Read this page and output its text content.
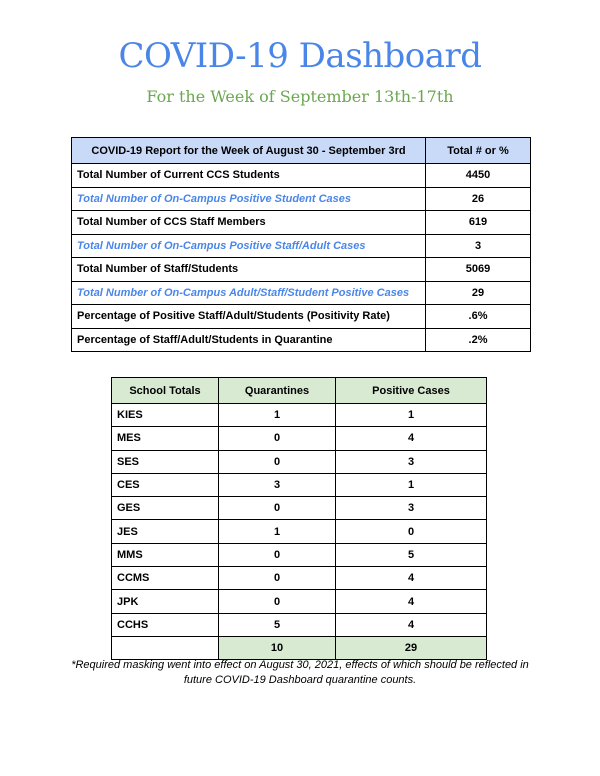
COVID-19 Dashboard
For the Week of September 13th-17th
COVID-19 Report for the Week of August 30 - September 3rd	Total # or %
Total Number of Current CCS Students	4450
Total Number of On-Campus Positive Student Cases	26
Total Number of CCS Staff Members	619
Total Number of On-Campus Positive Staff/Adult Cases	3
Total Number of Staff/Students	5069
Total Number of On-Campus Adult/Staff/Student Positive Cases	29
Percentage of Positive Staff/Adult/Students (Positivity Rate)	.6%
Percentage of Staff/Adult/Students in Quarantine	.2%
School Totals	Quarantines	Positive Cases
KIES	1	1
MES	0	4
SES	0	3
CES	3	1
GES	0	3
JES	1	0
MMS	0	5
CCMS	0	4
JPK	0	4
CCHS	5	4
	10	29
*Required masking went into effect on August 30, 2021, effects of which should be reflected in future COVID-19 Dashboard quarantine counts.
